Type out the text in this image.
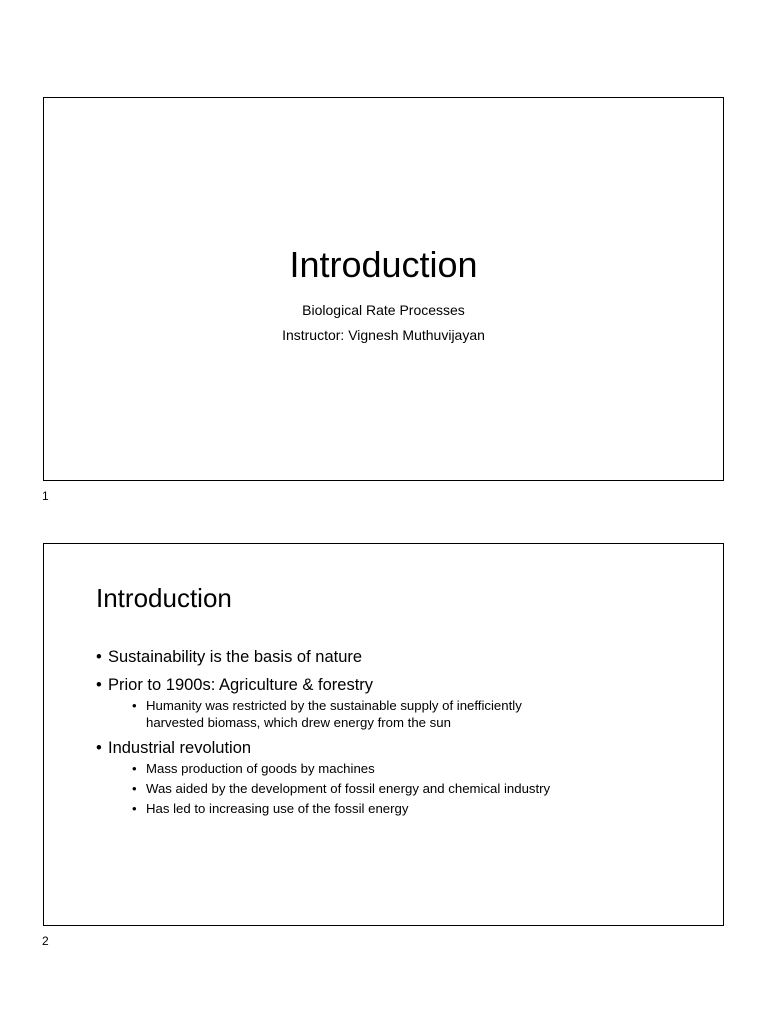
Introduction
Biological Rate Processes
Instructor: Vignesh Muthuvijayan
1
Introduction
• Sustainability is the basis of nature
• Prior to 1900s: Agriculture & forestry
• Humanity was restricted by the sustainable supply of inefficiently harvested biomass, which drew energy from the sun
• Industrial revolution
• Mass production of goods by machines
• Was aided by the development of fossil energy and chemical industry
• Has led to increasing use of the fossil energy
2
